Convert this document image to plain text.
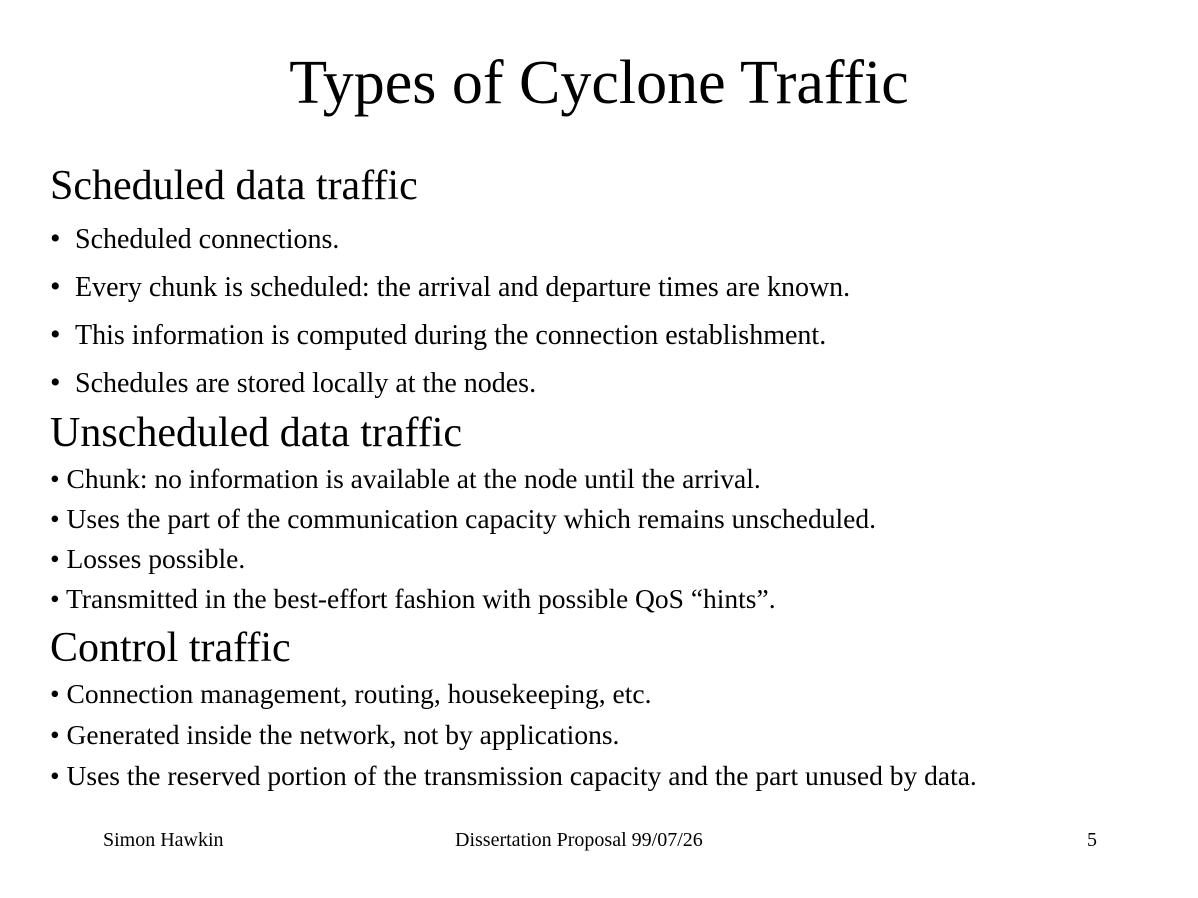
Types of Cyclone Traffic
Scheduled data traffic
• Scheduled connections.
• Every chunk is scheduled: the arrival and departure times are known.
• This information is computed during the connection establishment.
• Schedules are stored locally at the nodes.
Unscheduled data traffic
• Chunk: no information is available at the node until the arrival.
• Uses the part of the communication capacity which remains unscheduled.
• Losses possible.
• Transmitted in the best-effort fashion with possible QoS “hints”.
Control traffic
• Connection management, routing, housekeeping, etc.
• Generated inside the network, not by applications.
• Uses the reserved portion of the transmission capacity and the part unused by data.
Simon Hawkin	Dissertation Proposal 99/07/26	5
